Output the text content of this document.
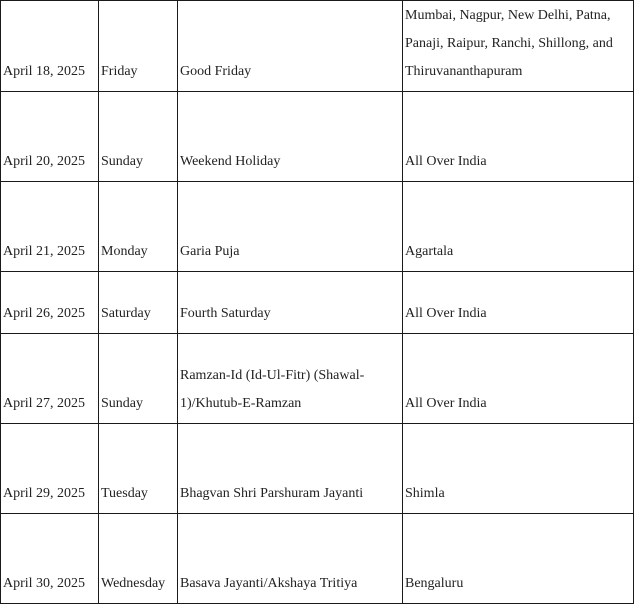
April 18, 2025	Friday	Good Friday	Mumbai, Nagpur, New Delhi, Patna, Panaji, Raipur, Ranchi, Shillong, and Thiruvananthapuram
April 20, 2025	Sunday	Weekend Holiday	All Over India
April 21, 2025	Monday	Garia Puja	Agartala
April 26, 2025	Saturday	Fourth Saturday	All Over India
April 27, 2025	Sunday	Ramzan-Id (Id-Ul-Fitr) (Shawal-1)/Khutub-E-Ramzan	All Over India
April 29, 2025	Tuesday	Bhagvan Shri Parshuram Jayanti	Shimla
April 30, 2025	Wednesday	Basava Jayanti/Akshaya Tritiya	Bengaluru
